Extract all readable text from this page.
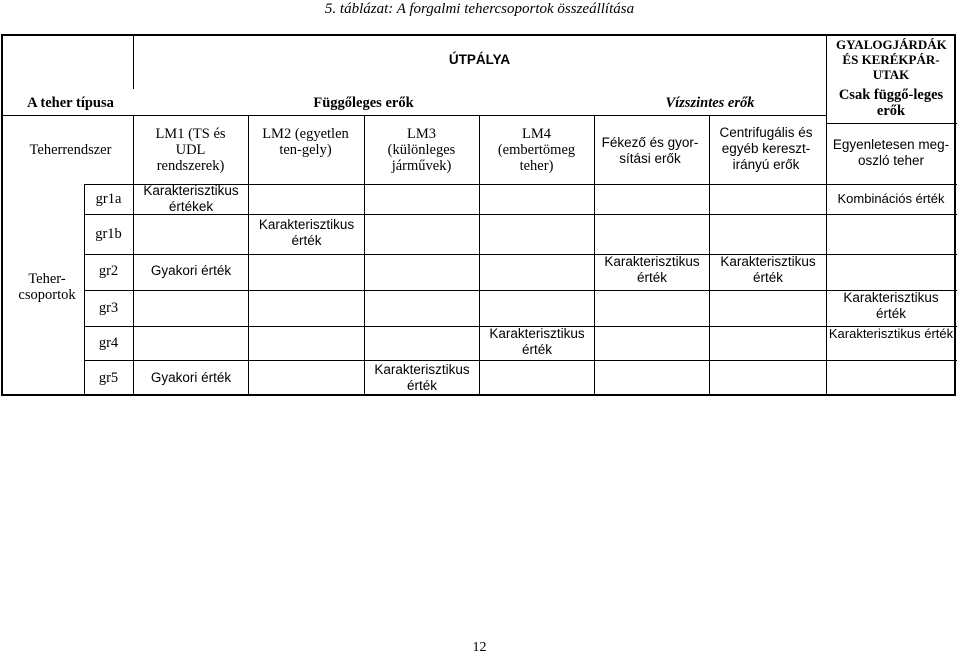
5. táblázat: A forgalmi tehercsoportok összeállítása
ÚTPÁLYA
A teher típusa	Függőleges erők	Vízszintes erők
GYALOGJÁRDÁK ÉS KERÉKPÁR-UTAK
Csak függő-leges erők
Teherrendszer
Teher-csoportok
gr1a
gr1b
gr2
gr3
gr4
gr5
LM1 (TS és UDL rendszerek)
LM2 (egyetlen ten-gely)
LM3 (különleges járművek)
LM4 (embertömeg teher)
Fékező és gyor-sítási erők
Centrifugális és egyéb kereszt-irányú erők
Egyenletesen meg-oszló teher
Karakterisztikus értékek
Kombinációs érték
Karakterisztikus érték
Gyakori érték
Karakterisztikus érték
Karakterisztikus érték
Karakterisztikus érték
Karakterisztikus érték
Karakterisztikus érték
Gyakori érték
Karakterisztikus érték
12
